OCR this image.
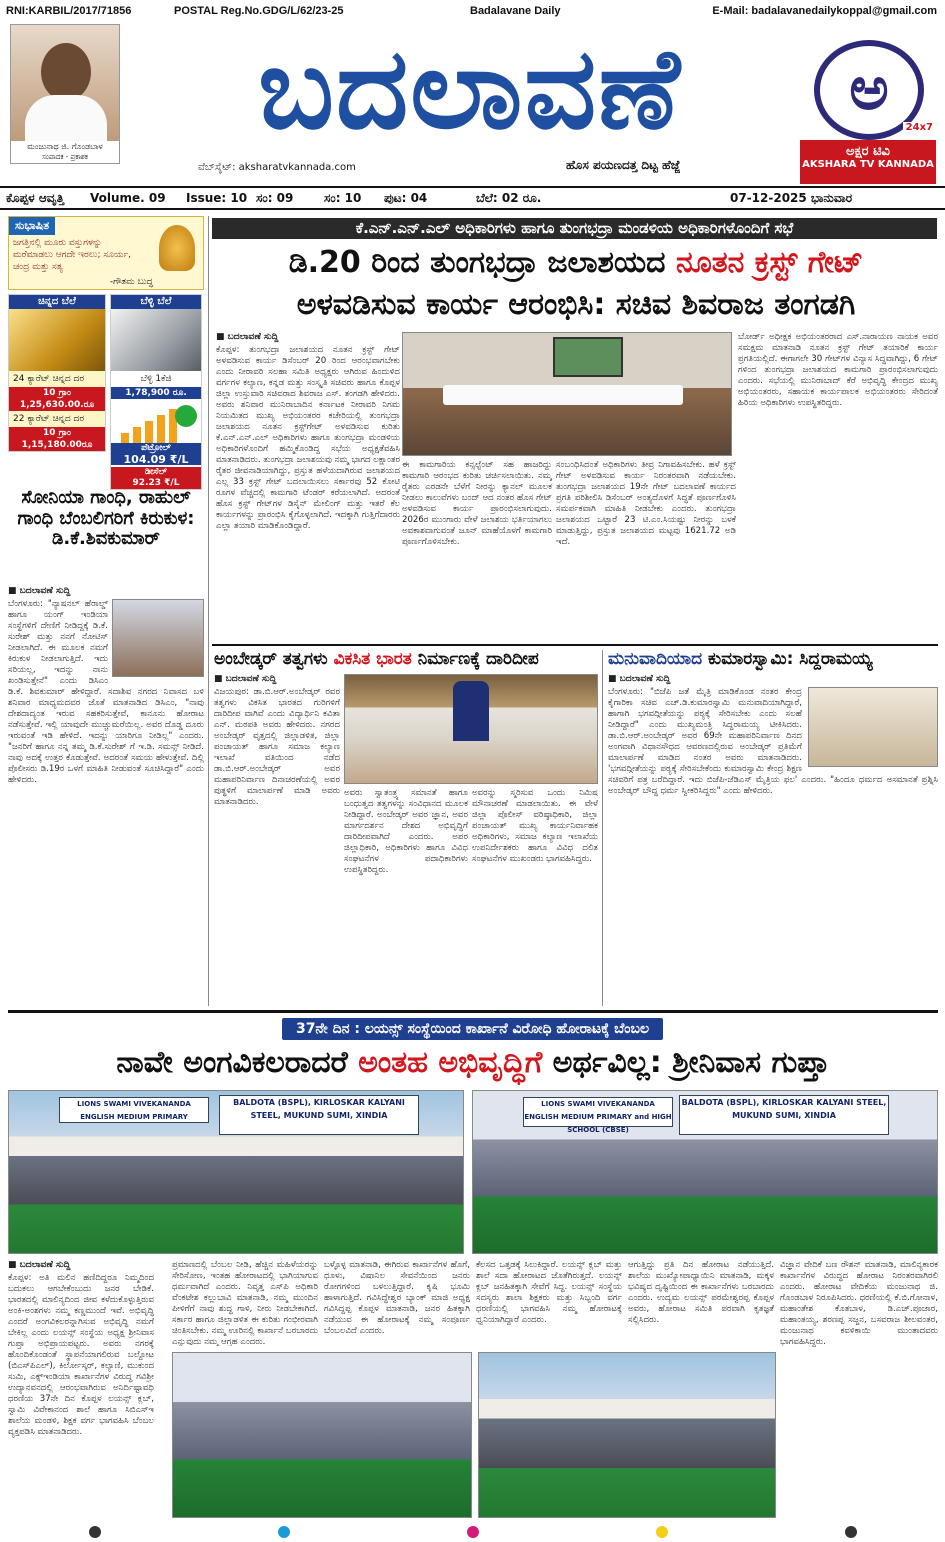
RNI:KARBIL/2017/71856	POSTAL Reg.No.GDG/L/62/23-25	Badalavane Daily	E-Mail: badalavanedailykoppal@gmail.com
ಮಂಜುನಾಥ ಜಿ. ಗೊಂಡಬಾಳ
ಸಂಪಾದಕ - ಪ್ರಕಾಶಕ
ಬದಲಾವಣೆ
ವೆಬ್‌ಸೈಟ್: aksharatvkannada.com	ಹೊಸ ಪಯಣದತ್ತ ದಿಟ್ಟ ಹೆಜ್ಜೆ
ಅ
ಅಕ್ಷರ ಟಿವಿ
AKSHARA TV KANNADA
24x7
ಕೊಪ್ಪಳ ಆವೃತ್ತಿ Volume. 09 Issue: 10 ಸಂ: 09	ಸಂ: 10 ಪುಟ: 04	ಬೆಲೆ: 02 ರೂ.	07-12-2025 ಭಾನುವಾರ
ಸುಭಾಷಿತ
ಜಗತ್ತಿನಲ್ಲಿ ಮೂರು ವಸ್ತುಗಳನ್ನು ಮರೆಮಾಡಲು ಆಗದೇ ಇರಲು; ಸೂರ್ಯ, ಚಂದ್ರ ಮತ್ತು ಸತ್ಯ
-ಗೌತಮ ಬುದ್ಧ
ಚಿನ್ನದ ಬೆಲೆ
24 ಕ್ಯಾರೆಟ್ ಚಿನ್ನದ ದರ
10 ಗ್ರಾಂ
1,25,630.00.ರೂ
22 ಕ್ಯಾರೆಟ್ ಚಿನ್ನದ ದರ
10 ಗ್ರಾಂ
1,15,180.00ರೂ
ಬೆಳ್ಳಿ ಬೆಲೆ
ಬೆಳ್ಳಿ 1ಕೆಜಿ
1,78,900 ರೂ.
ಪೆಟ್ರೋಲ್
104.09 ₹/L
ಡೀಸೆಲ್
92.23 ₹/L
ಸೋನಿಯಾ ಗಾಂಧಿ, ರಾಹುಲ್ ಗಾಂಧಿ ಬೆಂಬಲಿಗರಿಗೆ ಕಿರುಕುಳ: ಡಿ.ಕೆ.ಶಿವಕುಮಾರ್
■ ಬದಲಾವಣೆ ಸುದ್ದಿ
ಬೆಂಗಳೂರು: "ನ್ಯಾಷನಲ್ ಹೆರಾಲ್ಡ್ ಹಾಗೂ ಯಂಗ್ ಇಂಡಿಯಾ ಸಂಸ್ಥೆಗಳಿಗೆ ದೇಣಿಗೆ ನೀಡಿದ್ದಕ್ಕೆ ಡಿ.ಕೆ. ಸುರೇಶ್ ಮತ್ತು ನನಗೆ ನೋಟಿಸ್ ನೀಡಲಾಗಿದೆ. ಈ ಮೂಲಕ ನಮಗೆ ಕಿರುಕುಳ ನೀಡಲಾಗುತ್ತಿದೆ. ಇದು ಸರಿಯಲ್ಲ, ಇದನ್ನು ನಾನು ಖಂಡಿಸುತ್ತೇನೆ" ಎಂದು ಡಿಸಿಎಂ ಡಿ.ಕೆ. ಶಿವಕುಮಾರ್ ಹೇಳಿದ್ದಾರೆ. ಸದಾಶಿವ ನಗರದ ನಿವಾಸದ ಬಳಿ ಶನಿವಾರ ಮಾಧ್ಯಮದವರ ಜೊತೆ ಮಾತನಾಡಿದ ಡಿಸಿಎಂ, "ನಾವು ದೇಶದಾದ್ಯಂತ ಇರುವ ಸಹಕರಿಸುತ್ತೇವೆ, ಕಾನೂನು ಹೋರಾಟ ನಡೆಸುತ್ತೇವೆ. ಇಲ್ಲಿ ಯಾವುದೇ ಮುಚ್ಚುಮರೆಯಿಲ್ಲ. ಅವರ ದೊಡ್ಡ ದೂರು ಇರುವಂತೆ ಇಡಿ ಹೇಳಿದೆ. ಇದನ್ನು ಯಾರಿಗೂ ನೀಡಿಲ್ಲ" ಎಂದರು. "ಜನರಿಗೆ ಹಾಗೂ ನನ್ನ ತಮ್ಮ ಡಿ.ಕೆ.ಸುರೇಶ್ ಗೆ ಇ.ಡಿ. ಸಮನ್ಸ್ ನೀಡಿದೆ. ನಾವು ಅದಕ್ಕೆ ಉತ್ತರ ಕೊಡುತ್ತೇವೆ. ಅದರಂತೆ ಸಮಯ ಹೇಳುತ್ತೇವೆ. ದಿಲ್ಲಿ ಪೊಲೀಸರು ಡಿ.19ರ ಒಳಗೆ ಮಾಹಿತಿ ನೀಡುವಂತೆ ಸೂಚಿಸಿದ್ದಾರೆ" ಎಂದು ಹೇಳಿದರು.
ಕೆ.ಎನ್.ಎನ್.ಎಲ್ ಅಧಿಕಾರಿಗಳು ಹಾಗೂ ತುಂಗಭದ್ರಾ ಮಂಡಳಿಯ ಅಧಿಕಾರಿಗಳೊಂದಿಗೆ ಸಭೆ
ಡಿ.20 ರಿಂದ ತುಂಗಭದ್ರಾ ಜಲಾಶಯದ ನೂತನ ಕ್ರಸ್ಟ್ ಗೇಟ್
ಅಳವಡಿಸುವ ಕಾರ್ಯ ಆರಂಭಿಸಿ: ಸಚಿವ ಶಿವರಾಜ ತಂಗಡಗಿ
■ ಬದಲಾವಣೆ ಸುದ್ದಿ
ಕೊಪ್ಪಳ: ತುಂಗಭದ್ರಾ ಜಲಾಶಯದ ನೂತನ ಕ್ರಸ್ಟ್ ಗೇಟ್ ಅಳವಡಿಸುವ ಕಾರ್ಯ ಡಿಸೆಂಬರ್ 20 ರಿಂದ ಆರಂಭವಾಗಬೇಕು ಎಂದು ನೀರಾವರಿ ಸಲಹಾ ಸಮಿತಿ ಅಧ್ಯಕ್ಷರು ಆಗಿರುವ ಹಿಂದುಳಿದ ವರ್ಗಗಳ ಕಲ್ಯಾಣ, ಕನ್ನಡ ಮತ್ತು ಸಂಸ್ಕೃತಿ ಸಚಿವರು ಹಾಗೂ ಕೊಪ್ಪಳ ಜಿಲ್ಲಾ ಉಸ್ತುವಾರಿ ಸಚಿವರಾದ ಶಿವರಾಜ ಎಸ್. ತಂಗಡಗಿ ಹೇಳಿದರು. ಅವರು ಶನಿವಾರ ಮುನಿರಾಬಾದಿನ ಕರ್ನಾಟಕ ನೀರಾವರಿ ನಿಗಮ ನಿಯಮಿತದ ಮುಖ್ಯ ಅಭಿಯಂತರರ ಕಚೇರಿಯಲ್ಲಿ ತುಂಗಭದ್ರಾ ಜಲಾಶಯದ ನೂತನ ಕ್ರಸ್ಟ್‌ಗೇಟ್ ಅಳವಡಿಸುವ ಕುರಿತು ಕೆ.ಎನ್.ಎನ್.ಎಲ್ ಅಧಿಕಾರಿಗಳು ಹಾಗೂ ತುಂಗಭದ್ರಾ ಮಂಡಳಿಯ ಅಧಿಕಾರಿಗಳೊಂದಿಗೆ ಹಮ್ಮಿಕೊಂಡಿದ್ದ ಸಭೆಯ ಅಧ್ಯಕ್ಷತೆವಹಿಸಿ ಮಾತನಾಡಿದರು. ತುಂಗಭದ್ರಾ ಜಲಾಶಯವು ನಮ್ಮ ಭಾಗದ ಲಕ್ಷಾಂತರ ರೈತರ ಜೀವನಾಡಿಯಾಗಿದ್ದು, ಪ್ರಸ್ತುತ ಹಳೆಯದಾಗಿರುವ ಜಲಾಶಯದ ಎಲ್ಲ 33 ಕ್ರಸ್ಟ್ ಗೇಟ್ ಬದಲಾಯಿಸಲು ಸರ್ಕಾರವು 52 ಕೋಟಿ ರೂಗಳ ವೆಚ್ಚದಲ್ಲಿ ಕಾಮಗಾರಿ ಟೆಂಡರ್ ಕರೆಯಲಾಗಿದೆ. ಅದರಂತೆ ಹೊಸ ಕ್ರಸ್ಟ್ ಗೇಟ್‌ಗಳ ಡಿಸೈನ್ ಮೇಲಿಂಗ್ ಮತ್ತು ಇತರೆ ಕೆಲ ಕಾರ್ಯಗಳನ್ನು ಪ್ರಾರಂಭಿಸಿ ಕೈಗೊಳ್ಳಲಾಗಿದೆ. ಇದಕ್ಕಾಗಿ ಗುತ್ತಿಗೆದಾರರು ಎಲ್ಲಾ ತಯಾರಿ ಮಾಡಿಕೊಂಡಿದ್ದಾರೆ.
ಈ ಕಾಮಗಾರಿಯ ಕನ್ಸಲ್ಟೆಂಟ್ ಸಹ ಹಾಜರಿದ್ದು ಕಾಮಗಾರಿ ಆರಂಭದ ಕುರಿತು ಚರ್ಚಿಸಲಾಯಿತು. ನಮ್ಮ ರೈತರು ಎರಡನೇ ಬೆಳೆಗೆ ನೀರನ್ನು ಕ್ಯಾನಲ್ ಮೂಲಕ ನೀಡಲು ಕಾಲುವೆಗಳು ಬಂದ್ ಆದ ನಂತರ ಹೊಸ ಗೇಟ್ ಅಳವಡಿಸುವ ಕಾರ್ಯ ಪ್ರಾರಂಭಿಸಲಾಗುವುದು. 2026ರ ಮುಂಗಾರು ವೇಳೆ ಜಲಾಶಯ ಭರ್ತಿಯಾಗಲು ಅವಕಾಶವಾಗುವಂತೆ ಜೂನ್ ಮಾಹೆಯೊಳಗೆ ಕಾಮಗಾರಿ ಪೂರ್ಣಗೊಳಿಸಬೇಕು.
ಸಂಬಂಧಿಸಿದಂತೆ ಅಧಿಕಾರಿಗಳು ತೀವ್ರ ನಿಗಾವಹಿಸಬೇಕು. ಹಳೆ ಕ್ರಸ್ಟ್ ಗೇಟ್ ಅಳವಡಿಸುವ ಕಾರ್ಯ ನಿರಂತರವಾಗಿ ನಡೆಯಬೇಕು. ತುಂಗಭದ್ರಾ ಜಲಾಶಯದ 19ನೇ ಗೇಟ್ ಬದಲಾವಣೆ ಕಾರ್ಯದ ಪ್ರಗತಿ ಪರಿಶೀಲಿಸಿ ಡಿಸೆಂಬರ್ ಅಂತ್ಯದೊಳಗೆ ಸಿದ್ಧತೆ ಪೂರ್ಣಗೊಳಿಸಿ ಸಮರ್ಪಕವಾಗಿ ಮಾಹಿತಿ ನೀಡಬೇಕು ಎಂದರು. ತುಂಗಭದ್ರಾ ಜಲಾಶಯದ ಒಟ್ಟಾರೆ 23 ಟಿ.ಎಂ.ಸಿಯಷ್ಟು ನೀರನ್ನು ಬಳಕೆ ಮಾಡುತ್ತಿದ್ದು, ಪ್ರಸ್ತುತ ಜಲಾಶಯದ ಮಟ್ಟವು 1621.72 ಅಡಿ ಇದೆ.
ಬೋರ್ಡ್ ಅಧೀಕ್ಷಕ ಅಭಿಯಂತರರಾದ ಎಸ್.ನಾರಾಯಣ ನಾಯಕ ಅವರ ಸಮಕ್ಷಮ ಮಾತನಾಡಿ ನೂತನ ಕ್ರಸ್ಟ್ ಗೇಟ್ ತಯಾರಿಕೆ ಕಾರ್ಯ ಪ್ರಗತಿಯಲ್ಲಿದೆ. ಈಗಾಗಲೇ 30 ಗೇಟ್‌ಗಳ ವಿನ್ಯಾಸ ಸಿದ್ಧವಾಗಿದ್ದು, 6 ಗೇಟ್ ಗಳಿಂದ ತುಂಗಭದ್ರಾ ಜಲಾಶಯದ ಕಾಮಗಾರಿ ಪ್ರಾರಂಭಿಸಲಾಗುವುದು ಎಂದರು. ಸಭೆಯಲ್ಲಿ ಮುನಿರಾಬಾದ್ ಕೆರೆ ಅಭಿವೃದ್ಧಿ ಕೇಂದ್ರದ ಮುಖ್ಯ ಅಭಿಯಂತರರು, ಸಹಾಯಕ ಕಾರ್ಯಪಾಲಕ ಅಭಿಯಂತರರು ಸೇರಿದಂತೆ ಹಿರಿಯ ಅಧಿಕಾರಿಗಳು ಉಪಸ್ಥಿತರಿದ್ದರು.
ಅಂಬೇಡ್ಕರ್ ತತ್ವಗಳು ವಿಕಸಿತ ಭಾರತ ನಿರ್ಮಾಣಕ್ಕೆ ದಾರಿದೀಪ
■ ಬದಲಾವಣೆ ಸುದ್ದಿ
ವಿಜಯಪುರ: ಡಾ.ಬಿ.ಆರ್.ಅಂಬೇಡ್ಕರ್ ರವರ ತತ್ವಗಳು ವಿಕಸಿತ ಭಾರತದ ಗುರಿಗಳಿಗೆ ದಾರಿದೀಪ ವಾಗಿವೆ ಎಂದು ವಿದ್ಯಾರ್ಥಿನಿ ಕವಿತಾ ಎನ್. ಮಠಪತಿ ಅವರು ಹೇಳಿದರು. ನಗರದ ಅಂಬೇಡ್ಕರ್ ವೃತ್ತದಲ್ಲಿ ಜಿಲ್ಲಾಡಳಿತ, ಜಿಲ್ಲಾ ಪಂಚಾಯತ್ ಹಾಗೂ ಸಮಾಜ ಕಲ್ಯಾಣ ಇಲಾಖೆ ವತಿಯಿಂದ ನಡೆದ ಡಾ.ಬಿ.ಆರ್.ಅಂಬೇಡ್ಕರ್ ಅವರ ಮಹಾಪರಿನಿರ್ವಾಣ ದಿನಾಚರಣೆಯಲ್ಲಿ ಅವರ ಪುತ್ಥಳಿಗೆ ಮಾಲಾರ್ಪಣೆ ಮಾಡಿ ಅವರು ಮಾತನಾಡಿದರು.
ಅವರು ಸ್ವಾತಂತ್ರ್ಯ ಸಮಾನತೆ ಹಾಗೂ ಬಂಧುತ್ವದ ತತ್ವಗಳನ್ನು ಸಂವಿಧಾನದ ಮೂಲಕ ನೀಡಿದ್ದಾರೆ. ಅಂಬೇಡ್ಕರ್ ಅವರ ಜ್ಞಾನ, ಅವರ ಮಾರ್ಗದರ್ಶನ ದೇಶದ ಅಭಿವೃದ್ಧಿಗೆ ದಾರಿದೀಪವಾಗಿದೆ ಎಂದರು. ಅಪರ ಜಿಲ್ಲಾಧಿಕಾರಿ, ಅಧಿಕಾರಿಗಳು ಹಾಗೂ ವಿವಿಧ ಸಂಘಟನೆಗಳ ಪದಾಧಿಕಾರಿಗಳು ಉಪಸ್ಥಿತರಿದ್ದರು.
ಅವರನ್ನು ಸ್ಮರಿಸುವ ಒಂದು ನಿಮಿಷ ಮೌನಾಚರಣೆ ಮಾಡಲಾಯಿತು. ಈ ವೇಳೆ ಜಿಲ್ಲಾ ಪೊಲೀಸ್ ವರಿಷ್ಠಾಧಿಕಾರಿ, ಜಿಲ್ಲಾ ಪಂಚಾಯತ್ ಮುಖ್ಯ ಕಾರ್ಯನಿರ್ವಾಹಕ ಅಧಿಕಾರಿಗಳು, ಸಮಾಜ ಕಲ್ಯಾಣ ಇಲಾಖೆಯ ಉಪನಿರ್ದೇಶಕರು ಹಾಗೂ ವಿವಿಧ ದಲಿತ ಸಂಘಟನೆಗಳ ಮುಖಂಡರು ಭಾಗವಹಿಸಿದ್ದರು.
ಮನುವಾದಿಯಾದ ಕುಮಾರಸ್ವಾಮಿ: ಸಿದ್ದರಾಮಯ್ಯ
■ ಬದಲಾವಣೆ ಸುದ್ದಿ
ಬೆಂಗಳೂರು: "ಬಿಜೆಪಿ ಜತೆ ಮೈತ್ರಿ ಮಾಡಿಕೊಂಡ ನಂತರ ಕೇಂದ್ರ ಕೈಗಾರಿಕಾ ಸಚಿವ ಎಚ್.ಡಿ.ಕುಮಾರಸ್ವಾಮಿ ಮನುವಾದಿಯಾಗಿದ್ದಾರೆ, ಹಾಗಾಗಿ ಭಗವದ್ಗೀತೆಯನ್ನು ಪಠ್ಯಕ್ಕೆ ಸೇರಿಸಬೇಕು ಎಂದು ಸಲಹೆ ನೀಡಿದ್ದಾರೆ" ಎಂದು ಮುಖ್ಯಮಂತ್ರಿ ಸಿದ್ದರಾಮಯ್ಯ ಟೀಕಿಸಿದರು. ಡಾ.ಬಿ.ಆರ್.ಅಂಬೇಡ್ಕರ್ ಅವರ 69ನೇ ಮಹಾಪರಿನಿರ್ವಾಣ ದಿನದ ಅಂಗವಾಗಿ ವಿಧಾನಸೌಧದ ಆವರಣದಲ್ಲಿರುವ ಅಂಬೇಡ್ಕರ್ ಪ್ರತಿಮೆಗೆ ಮಾಲಾರ್ಪಣೆ ಮಾಡಿದ ನಂತರ ಅವರು ಮಾತನಾಡಿದರು. 'ಭಗವದ್ಗೀತೆಯನ್ನು ಪಠ್ಯಕ್ಕೆ ಸೇರಿಸಬೇಕೆಂದು ಕುಮಾರಸ್ವಾಮಿ ಕೇಂದ್ರ ಶಿಕ್ಷಣ ಸಚಿವರಿಗೆ ಪತ್ರ ಬರೆದಿದ್ದಾರೆ. ಇದು ಬಿಜೆಪಿ-ಜೆಡಿಎಸ್ ಮೈತ್ರಿಯ ಫಲ' ಎಂದರು. "ಹಿಂದೂ ಧರ್ಮದ ಅಸಮಾನತೆ ಪ್ರಶ್ನಿಸಿ ಅಂಬೇಡ್ಕರ್ ಬೌದ್ಧ ಧರ್ಮ ಸ್ವೀಕರಿಸಿದ್ದರು" ಎಂದು ಹೇಳಿದರು.
37ನೇ ದಿನ : ಲಯನ್ಸ್ ಸಂಸ್ಥೆಯಿಂದ ಕಾರ್ಖಾನೆ ವಿರೋಧಿ ಹೋರಾಟಕ್ಕೆ ಬೆಂಬಲ
ನಾವೇ ಅಂಗವಿಕಲರಾದರೆ ಅಂತಹ ಅಭಿವೃದ್ಧಿಗೆ ಅರ್ಥವಿಲ್ಲ: ಶ್ರೀನಿವಾಸ ಗುಪ್ತಾ
LIONS SWAMI VIVEKANANDA ENGLISH MEDIUM PRIMARY
BALDOTA (BSPL), KIRLOSKAR KALYANI STEEL, MUKUND SUMI, XINDIA
LIONS SWAMI VIVEKANANDA ENGLISH MEDIUM PRIMARY and HIGH SCHOOL (CBSE)
BALDOTA (BSPL), KIRLOSKAR KALYANI STEEL, MUKUND SUMI, XINDIA
■ ಬದಲಾವಣೆ ಸುದ್ದಿ
ಕೊಪ್ಪಳ: ಅತಿ ಮಲಿನ ಹಣಿದಿದ್ದರೂ ನಿಮ್ಮದಿಂದ ಬದುಕಲು ಆಗಬೇಕೆಂಬುದು ಜನರ ಬೇಡಿಕೆ. ಭಾರತದಲ್ಲಿ ಮಾಲಿನ್ಯದಿಂದ ಜೀವ ಕಳೆದುಕೊಳ್ಳುತ್ತಿರುವ ಅಂಕಿ-ಅಂಶಗಳು ನಮ್ಮ ಕಣ್ಣಮುಂದೆ ಇವೆ. ಅಭಿವೃದ್ಧಿ ಎಂದರೆ ಅಂಗವಿಕಲರನ್ನಾಗಿಸುವ ಅಭಿವೃದ್ಧಿ ನಮಗೆ ಬೇಕಿಲ್ಲ ಎಂದು ಲಯನ್ಸ್ ಸಂಸ್ಥೆಯ ಅಧ್ಯಕ್ಷ ಶ್ರೀನಿವಾಸ ಗುಪ್ತಾ ಅಭಿಪ್ರಾಯಪಟ್ಟರು. ಅವರು ನಗರಕ್ಕೆ ಹೊಂದಿಕೊಂಡಂತೆ ಸ್ಥಾಪನೆಯಾಗಲಿರುವ ಬಲ್ದೋಟ (ಬಿಎಸ್‌ಪಿಎಲ್), ಕಿರ್ಲೋಸ್ಕರ್, ಕಲ್ಯಾಣಿ, ಮುಕುಂದ ಸುಮಿ, ಎಕ್ಸ್‌ಇಂಡಿಯಾ ಕಾರ್ಖಾನೆಗಳ ವಿರುದ್ಧ ಗವಿಶ್ರೀ ಉದ್ಯಾನವನದಲ್ಲಿ ಆರಂಭವಾಗಿರುವ ಅನಿರ್ದಿಷ್ಟಾವಧಿ ಧರಣಿಯ 37ನೇ ದಿನ ಕೊಪ್ಪಳ ಲಯನ್ಸ್ ಕ್ಲಬ್, ಸ್ವಾಮಿ ವಿವೇಕಾನಂದ ಶಾಲೆ ಹಾಗೂ ಸಿಬಿಎಸ್‌ಇ ಶಾಲೆಯ ಮಂಡಳಿ, ಶಿಕ್ಷಕ ವರ್ಗ ಭಾಗವಹಿಸಿ ಬೆಂಬಲ ವ್ಯಕ್ತಪಡಿಸಿ ಮಾತನಾಡಿದರು.
ಪ್ರಮಾಣದಲ್ಲಿ ಬೆಂಬಲ ನೀಡಿ, ಹೆಚ್ಚಿನ ಮಹಿಳೆಯರನ್ನು ಸೇರಿಸೋಣ, ಇಂತಹ ಹೋರಾಟದಲ್ಲಿ ಭಾಗಿಯಾಗುವ ಧರ್ಮವಾಗಿದೆ ಎಂದರು. ನಿವೃತ್ತ ಎಸ್‌ಪಿ ಅಧಿಕಾರಿ ವೆಂಕಟೇಶ ಕಲ್ಲುಬಾವಿ ಮಾತನಾಡಿ, ನಮ್ಮ ಮುಂದಿನ ಪೀಳಿಗೆಗೆ ನಾವು ಶುದ್ಧ ಗಾಳಿ, ನೀರು ನೀಡಬೇಕಾಗಿದೆ. ಸರ್ಕಾರ ಹಾಗೂ ಜಿಲ್ಲಾಡಳಿತ ಈ ಕುರಿತು ಗಂಭೀರವಾಗಿ ಚಿಂತಿಸಬೇಕು. ನಮ್ಮ ಊರಿನಲ್ಲಿ ಕಾರ್ಖಾನೆ ಬರಬಾರದು ಎನ್ನುವುದು ನಮ್ಮ ಆಗ್ರಹ ಎಂದರು.
ಬಳ್ಳೊಳ್ಳ ಮಾತನಾಡಿ, ಈಗಿರುವ ಕಾರ್ಖಾನೆಗಳ ಹೊಗೆ, ಧೂಳು, ವಿಷಾನಿಲ ಸೇವನೆಯಿಂದ ಜನರು ರೋಗಗಳಿಂದ ಬಳಲುತ್ತಿದ್ದಾರೆ. ಕೃಷಿ ಭೂಮಿ ಹಾಳಾಗುತ್ತಿದೆ. ಗವಿಸಿದ್ಧೇಶ್ವರ ಬ್ಯಾಂಕ್ ಮಾಜಿ ಅಧ್ಯಕ್ಷ ಗವಿಸಿದ್ದಪ್ಪ ಕೊಪ್ಪಳ ಮಾತನಾಡಿ, ಜನರ ಹಿತಕ್ಕಾಗಿ ನಡೆಯುವ ಈ ಹೋರಾಟಕ್ಕೆ ನಮ್ಮ ಸಂಪೂರ್ಣ ಬೆಂಬಲವಿದೆ ಎಂದರು.
ಕೆಲಸದ ಒತ್ತಡಕ್ಕೆ ಸಿಲುಕಿದ್ದಾರೆ. ಲಯನ್ಸ್ ಕ್ಲಬ್ ಮತ್ತು ಶಾಲೆ ಸದಾ ಹೋರಾಟದ ಜೊತೆಗಿರುತ್ತದೆ. ಲಯನ್ಸ್ ಕ್ಲಬ್ ಜನಹಿತಕ್ಕಾಗಿ ಸೇವೆಗೆ ಸಿದ್ಧ. ಲಯನ್ಸ್ ಸಂಸ್ಥೆಯ ಸದಸ್ಯರು ಶಾಲಾ ಶಿಕ್ಷಕರು ಮತ್ತು ಸಿಬ್ಬಂದಿ ವರ್ಗ ಧರಣಿಯಲ್ಲಿ ಭಾಗವಹಿಸಿ ನಮ್ಮ ಹೋರಾಟಕ್ಕೆ ಧ್ವನಿಯಾಗಿದ್ದಾರೆ ಎಂದರು.
ಆಗುತ್ತಿದ್ದು ಪ್ರತಿ ದಿನ ಹೋರಾಟ ನಡೆಯುತ್ತಿದೆ. ಶಾಲೆಯ ಮುಖ್ಯೋಪಾಧ್ಯಾಯಿನಿ ಮಾತನಾಡಿ, ಮಕ್ಕಳ ಭವಿಷ್ಯದ ದೃಷ್ಟಿಯಿಂದ ಈ ಕಾರ್ಖಾನೆಗಳು ಬರಬಾರದು ಎಂದರು. ಉದ್ಯಮ ಲಯನ್ಸ್ ಪರಮೇಶ್ವರಪ್ಪ ಕೊಪ್ಪಳ ಅವರು, ಹೋರಾಟ ಸಮಿತಿ ಪರವಾಗಿ ಕೃತಜ್ಞತೆ ಸಲ್ಲಿಸಿದರು.
ವಿಜ್ಞಾನ ವೇದಿಕೆ ಬಣ ರೌಶನ್ ಮಾತನಾಡಿ, ಮಾಲಿನ್ಯಕಾರಕ ಕಾರ್ಖಾನೆಗಳ ವಿರುದ್ಧದ ಹೋರಾಟ ನಿರಂತರವಾಗಿರಲಿ ಎಂದರು. ಹೋರಾಟ ವೇದಿಕೆಯ ಮಂಜುನಾಥ ಜಿ. ಗೊಂಡಬಾಳ ನಿರೂಪಿಸಿದರು. ಧರಣಿಯಲ್ಲಿ ಕೆ.ಬಿ.ಗೋನಾಳ, ಮಹಾಂತೇಶ ಕೊತಬಾಳ, ಡಿ.ಎಚ್.ಪೂಜಾರ, ಮಹಾಂತಯ್ಯ, ಶರಣಪ್ಪ ಸಜ್ಜನ, ಬಸವರಾಜ ಶೀಲವಂತರ, ಮಂಜುನಾಥ ಕವಳಿಕಾಯಿ ಮುಂತಾದವರು ಭಾಗವಹಿಸಿದ್ದರು.
